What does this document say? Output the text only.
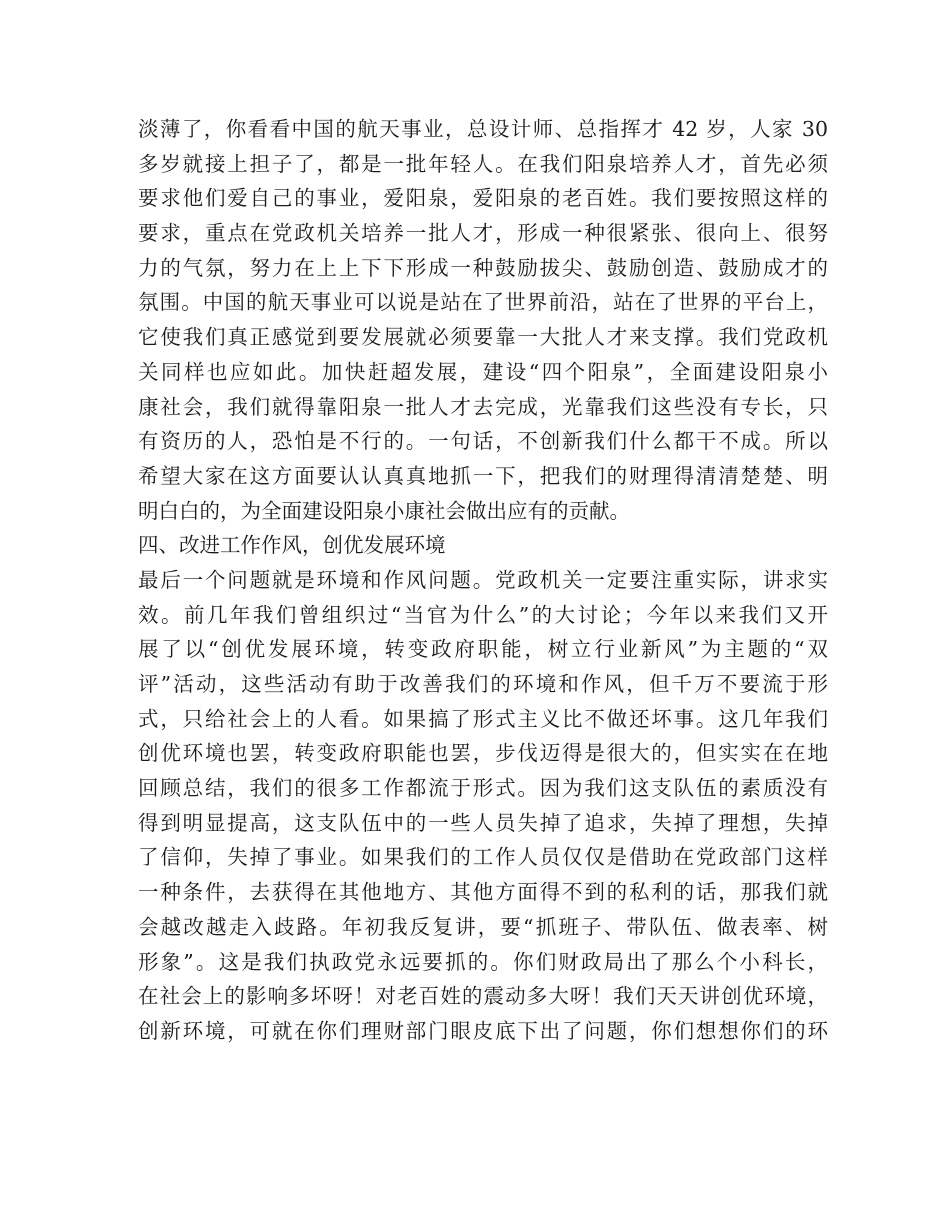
淡薄了，你看看中国的航天事业，总设计师、总指挥才 42 岁，人家 30
多岁就接上担子了，都是一批年轻人。在我们阳泉培养人才，首先必须
要求他们爱自己的事业，爱阳泉，爱阳泉的老百姓。我们要按照这样的
要求，重点在党政机关培养一批人才，形成一种很紧张、很向上、很努
力的气氛，努力在上上下下形成一种鼓励拔尖、鼓励创造、鼓励成才的
氛围。中国的航天事业可以说是站在了世界前沿，站在了世界的平台上，
它使我们真正感觉到要发展就必须要靠一大批人才来支撑。我们党政机
关同样也应如此。加快赶超发展，建设“四个阳泉”，全面建设阳泉小
康社会，我们就得靠阳泉一批人才去完成，光靠我们这些没有专长，只
有资历的人，恐怕是不行的。一句话，不创新我们什么都干不成。所以
希望大家在这方面要认认真真地抓一下，把我们的财理得清清楚楚、明
明白白的，为全面建设阳泉小康社会做出应有的贡献。
四、改进工作作风，创优发展环境
最后一个问题就是环境和作风问题。党政机关一定要注重实际，讲求实
效。前几年我们曾组织过“当官为什么”的大讨论；今年以来我们又开
展了以“创优发展环境，转变政府职能，树立行业新风”为主题的“双
评”活动，这些活动有助于改善我们的环境和作风，但千万不要流于形
式，只给社会上的人看。如果搞了形式主义比不做还坏事。这几年我们
创优环境也罢，转变政府职能也罢，步伐迈得是很大的，但实实在在地
回顾总结，我们的很多工作都流于形式。因为我们这支队伍的素质没有
得到明显提高，这支队伍中的一些人员失掉了追求，失掉了理想，失掉
了信仰，失掉了事业。如果我们的工作人员仅仅是借助在党政部门这样
一种条件，去获得在其他地方、其他方面得不到的私利的话，那我们就
会越改越走入歧路。年初我反复讲，要“抓班子、带队伍、做表率、树
形象”。这是我们执政党永远要抓的。你们财政局出了那么个小科长，
在社会上的影响多坏呀！对老百姓的震动多大呀！我们天天讲创优环境，
创新环境，可就在你们理财部门眼皮底下出了问题，你们想想你们的环
